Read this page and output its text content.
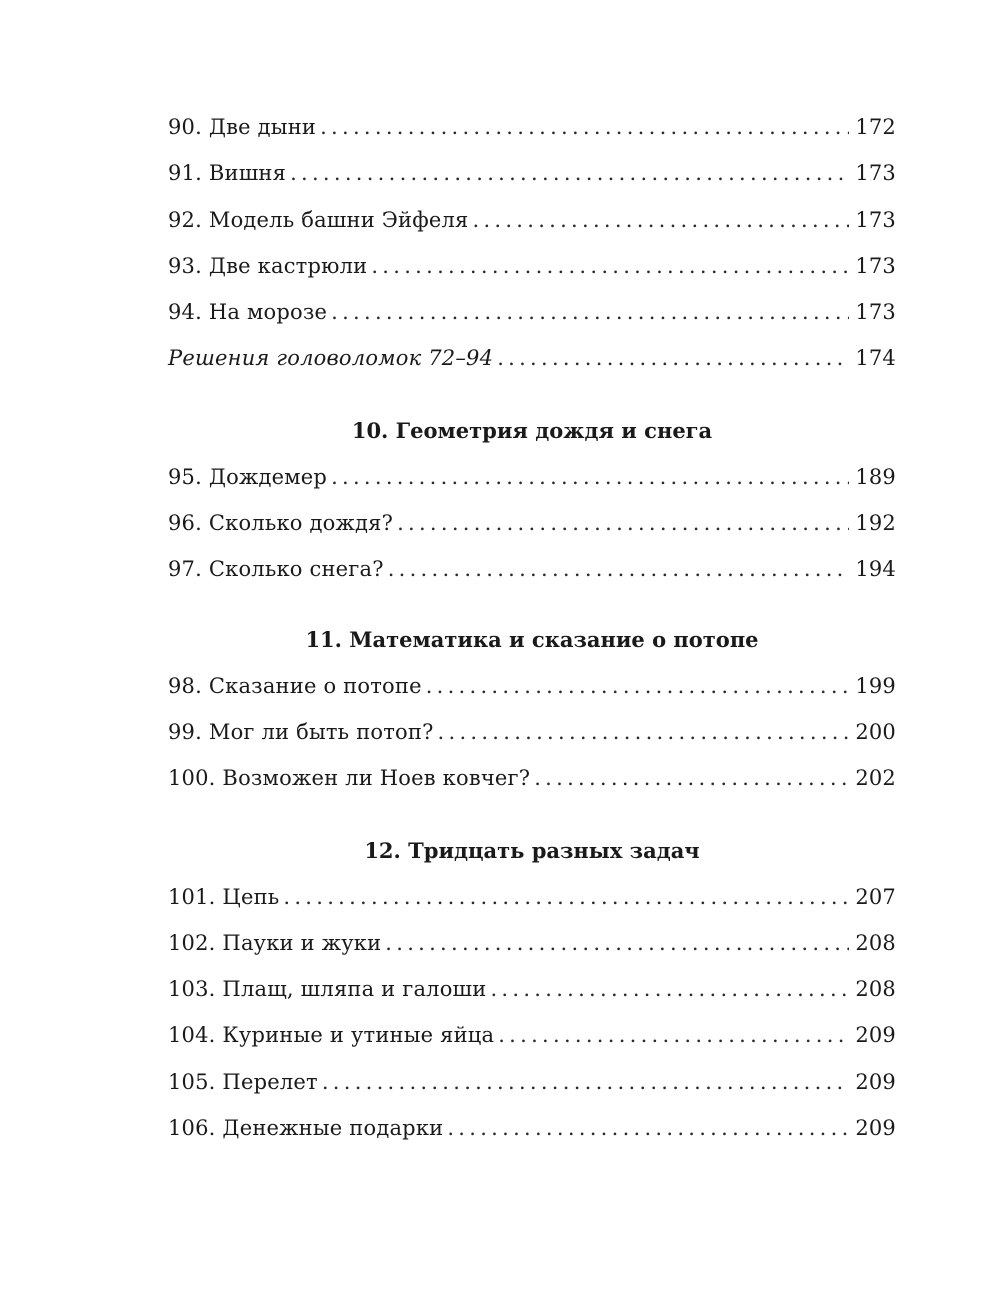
90. Две дыни . . .	172
91. Вишня . . .	173
92. Модель башни Эйфеля . . .	173
93. Две кастрюли . . .	173
94. На морозе . . .	173
Решения головоломок 72–94 . . .	174
10. Геометрия дождя и снега
95. Дождемер . . .	189
96. Сколько дождя? . . .	192
97. Сколько снега? . . .	194
11. Математика и сказание о потопе
98. Сказание о потопе . . .	199
99. Мог ли быть потоп? . . .	200
100. Возможен ли Ноев ковчег? . . .	202
12. Тридцать разных задач
101. Цепь . . .	207
102. Пауки и жуки . . .	208
103. Плащ, шляпа и галоши . . .	208
104. Куриные и утиные яйца . . .	209
105. Перелет . . .	209
106. Денежные подарки . . .	209
